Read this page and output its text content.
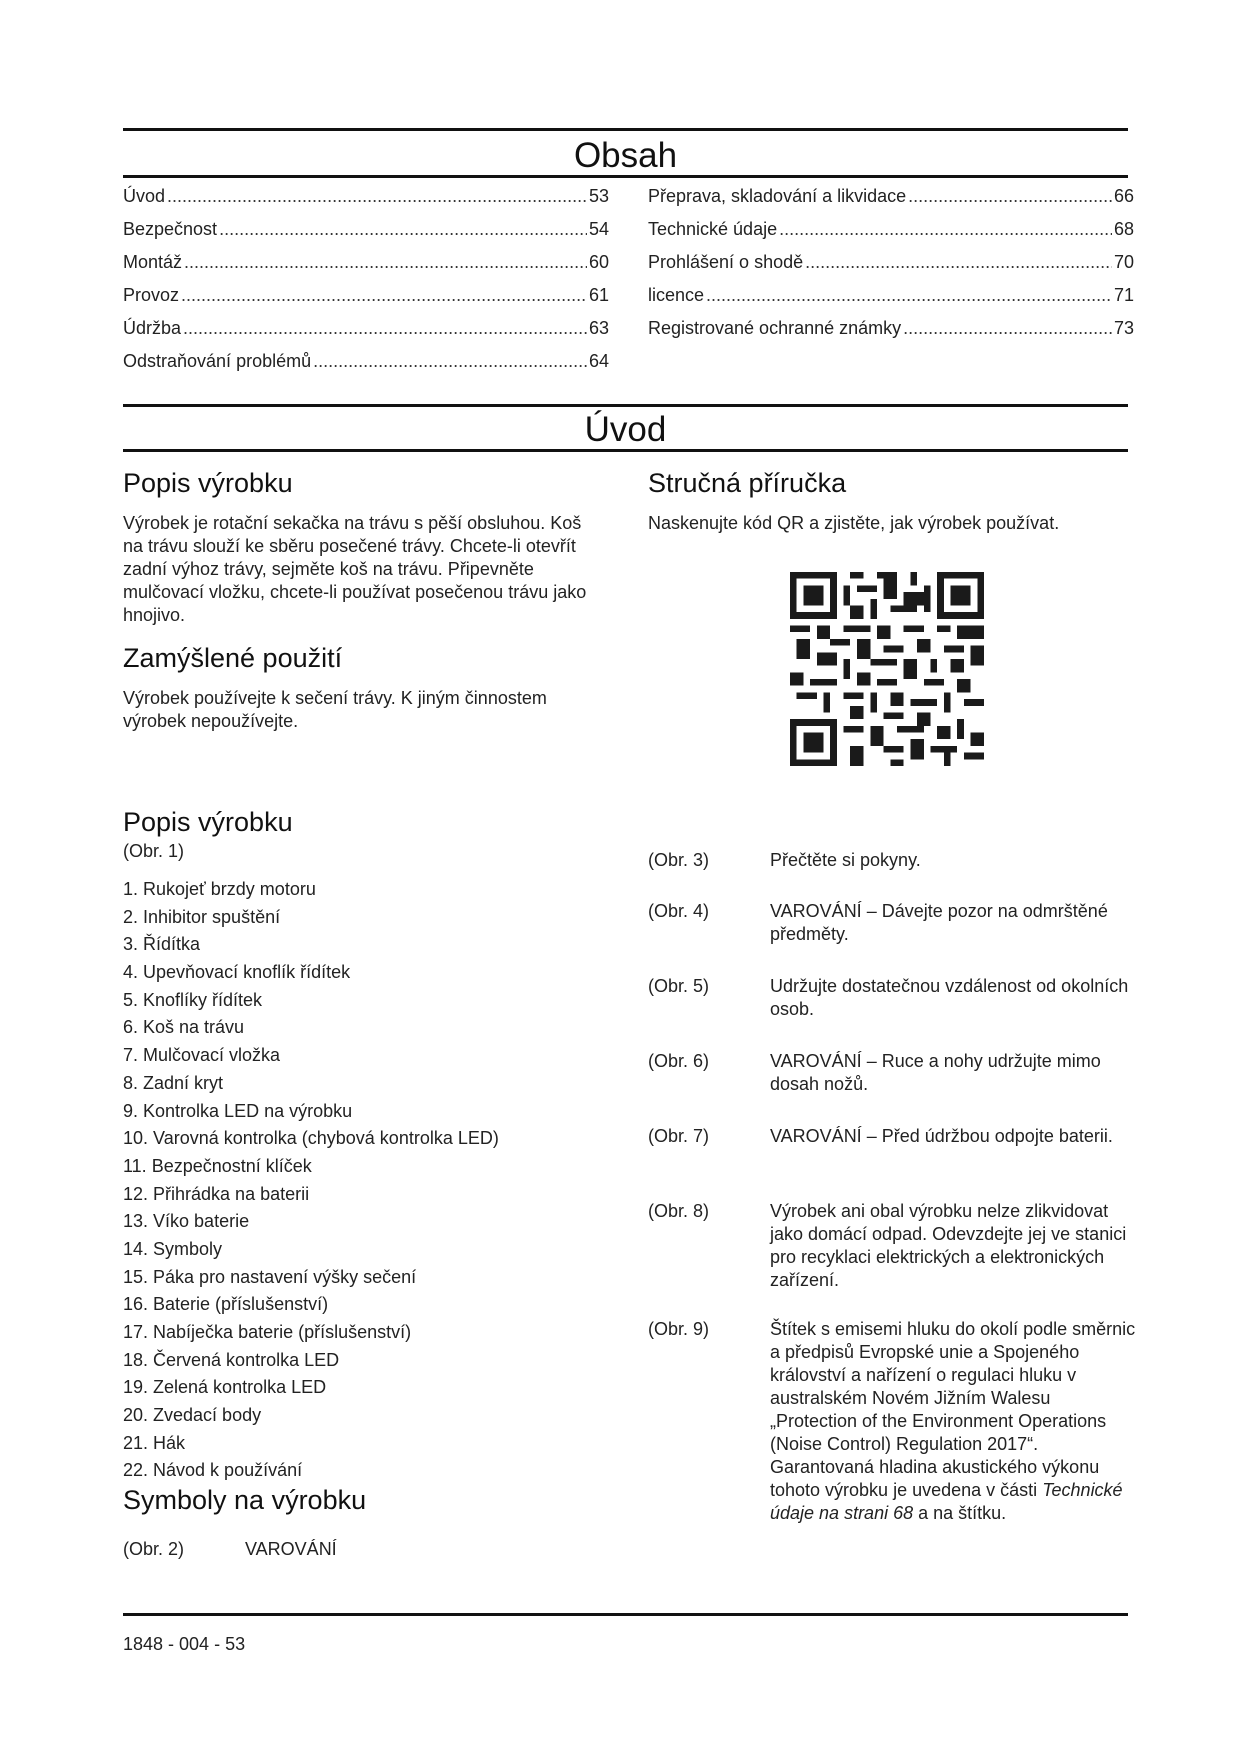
Obsah
Úvod .....	53
Bezpečnost .....	54
Montáž .....	60
Provoz .....	61
Údržba .....	63
Odstraňování problémů .....	64
Přeprava, skladování a likvidace .....	66
Technické údaje .....	68
Prohlášení o shodě .....	70
licence .....	71
Registrované ochranné známky .....	73
Úvod
Popis výrobku

Výrobek je rotační sekačka na trávu s pěší obsluhou. Koš na trávu slouží ke sběru posečené trávy. Chcete-li otevřít zadní výhoz trávy, sejměte koš na trávu. Připevněte mulčovací vložku, chcete-li používat posečenou trávu jako hnojivo.

Zamýšlené použití

Výrobek používejte k sečení trávy. K jiným činnostem výrobek nepoužívejte.

Stručná příručka

Naskenujte kód QR a zjistěte, jak výrobek používat.

Popis výrobku
(Obr. 1)
1. Rukojeť brzdy motoru
2. Inhibitor spuštění
3. Řídítka
4. Upevňovací knoflík řídítek
5. Knoflíky řídítek
6. Koš na trávu
7. Mulčovací vložka
8. Zadní kryt
9. Kontrolka LED na výrobku
10. Varovná kontrolka (chybová kontrolka LED)
11. Bezpečnostní klíček
12. Přihrádka na baterii
13. Víko baterie
14. Symboly
15. Páka pro nastavení výšky sečení
16. Baterie (příslušenství)
17. Nabíječka baterie (příslušenství)
18. Červená kontrolka LED
19. Zelená kontrolka LED
20. Zvedací body
21. Hák
22. Návod k používání
Symboly na výrobku
(Obr. 2)	VAROVÁNÍ
(Obr. 3)	Přečtěte si pokyny.
(Obr. 4)	VAROVÁNÍ – Dávejte pozor na odmrštěné předměty.
(Obr. 5)	Udržujte dostatečnou vzdálenost od okolních osob.
(Obr. 6)	VAROVÁNÍ – Ruce a nohy udržujte mimo dosah nožů.
(Obr. 7)	VAROVÁNÍ – Před údržbou odpojte baterii.
(Obr. 8)	Výrobek ani obal výrobku nelze zlikvidovat jako domácí odpad. Odevzdejte jej ve stanici pro recyklaci elektrických a elektronických zařízení.
(Obr. 9)	Štítek s emisemi hluku do okolí podle směrnic a předpisů Evropské unie a Spojeného království a nařízení o regulaci hluku v australském Novém Jižním Walesu „Protection of the Environment Operations (Noise Control) Regulation 2017“. Garantovaná hladina akustického výkonu tohoto výrobku je uvedena v části Technické údaje na strani 68 a na štítku.
1848 - 004 - 53
